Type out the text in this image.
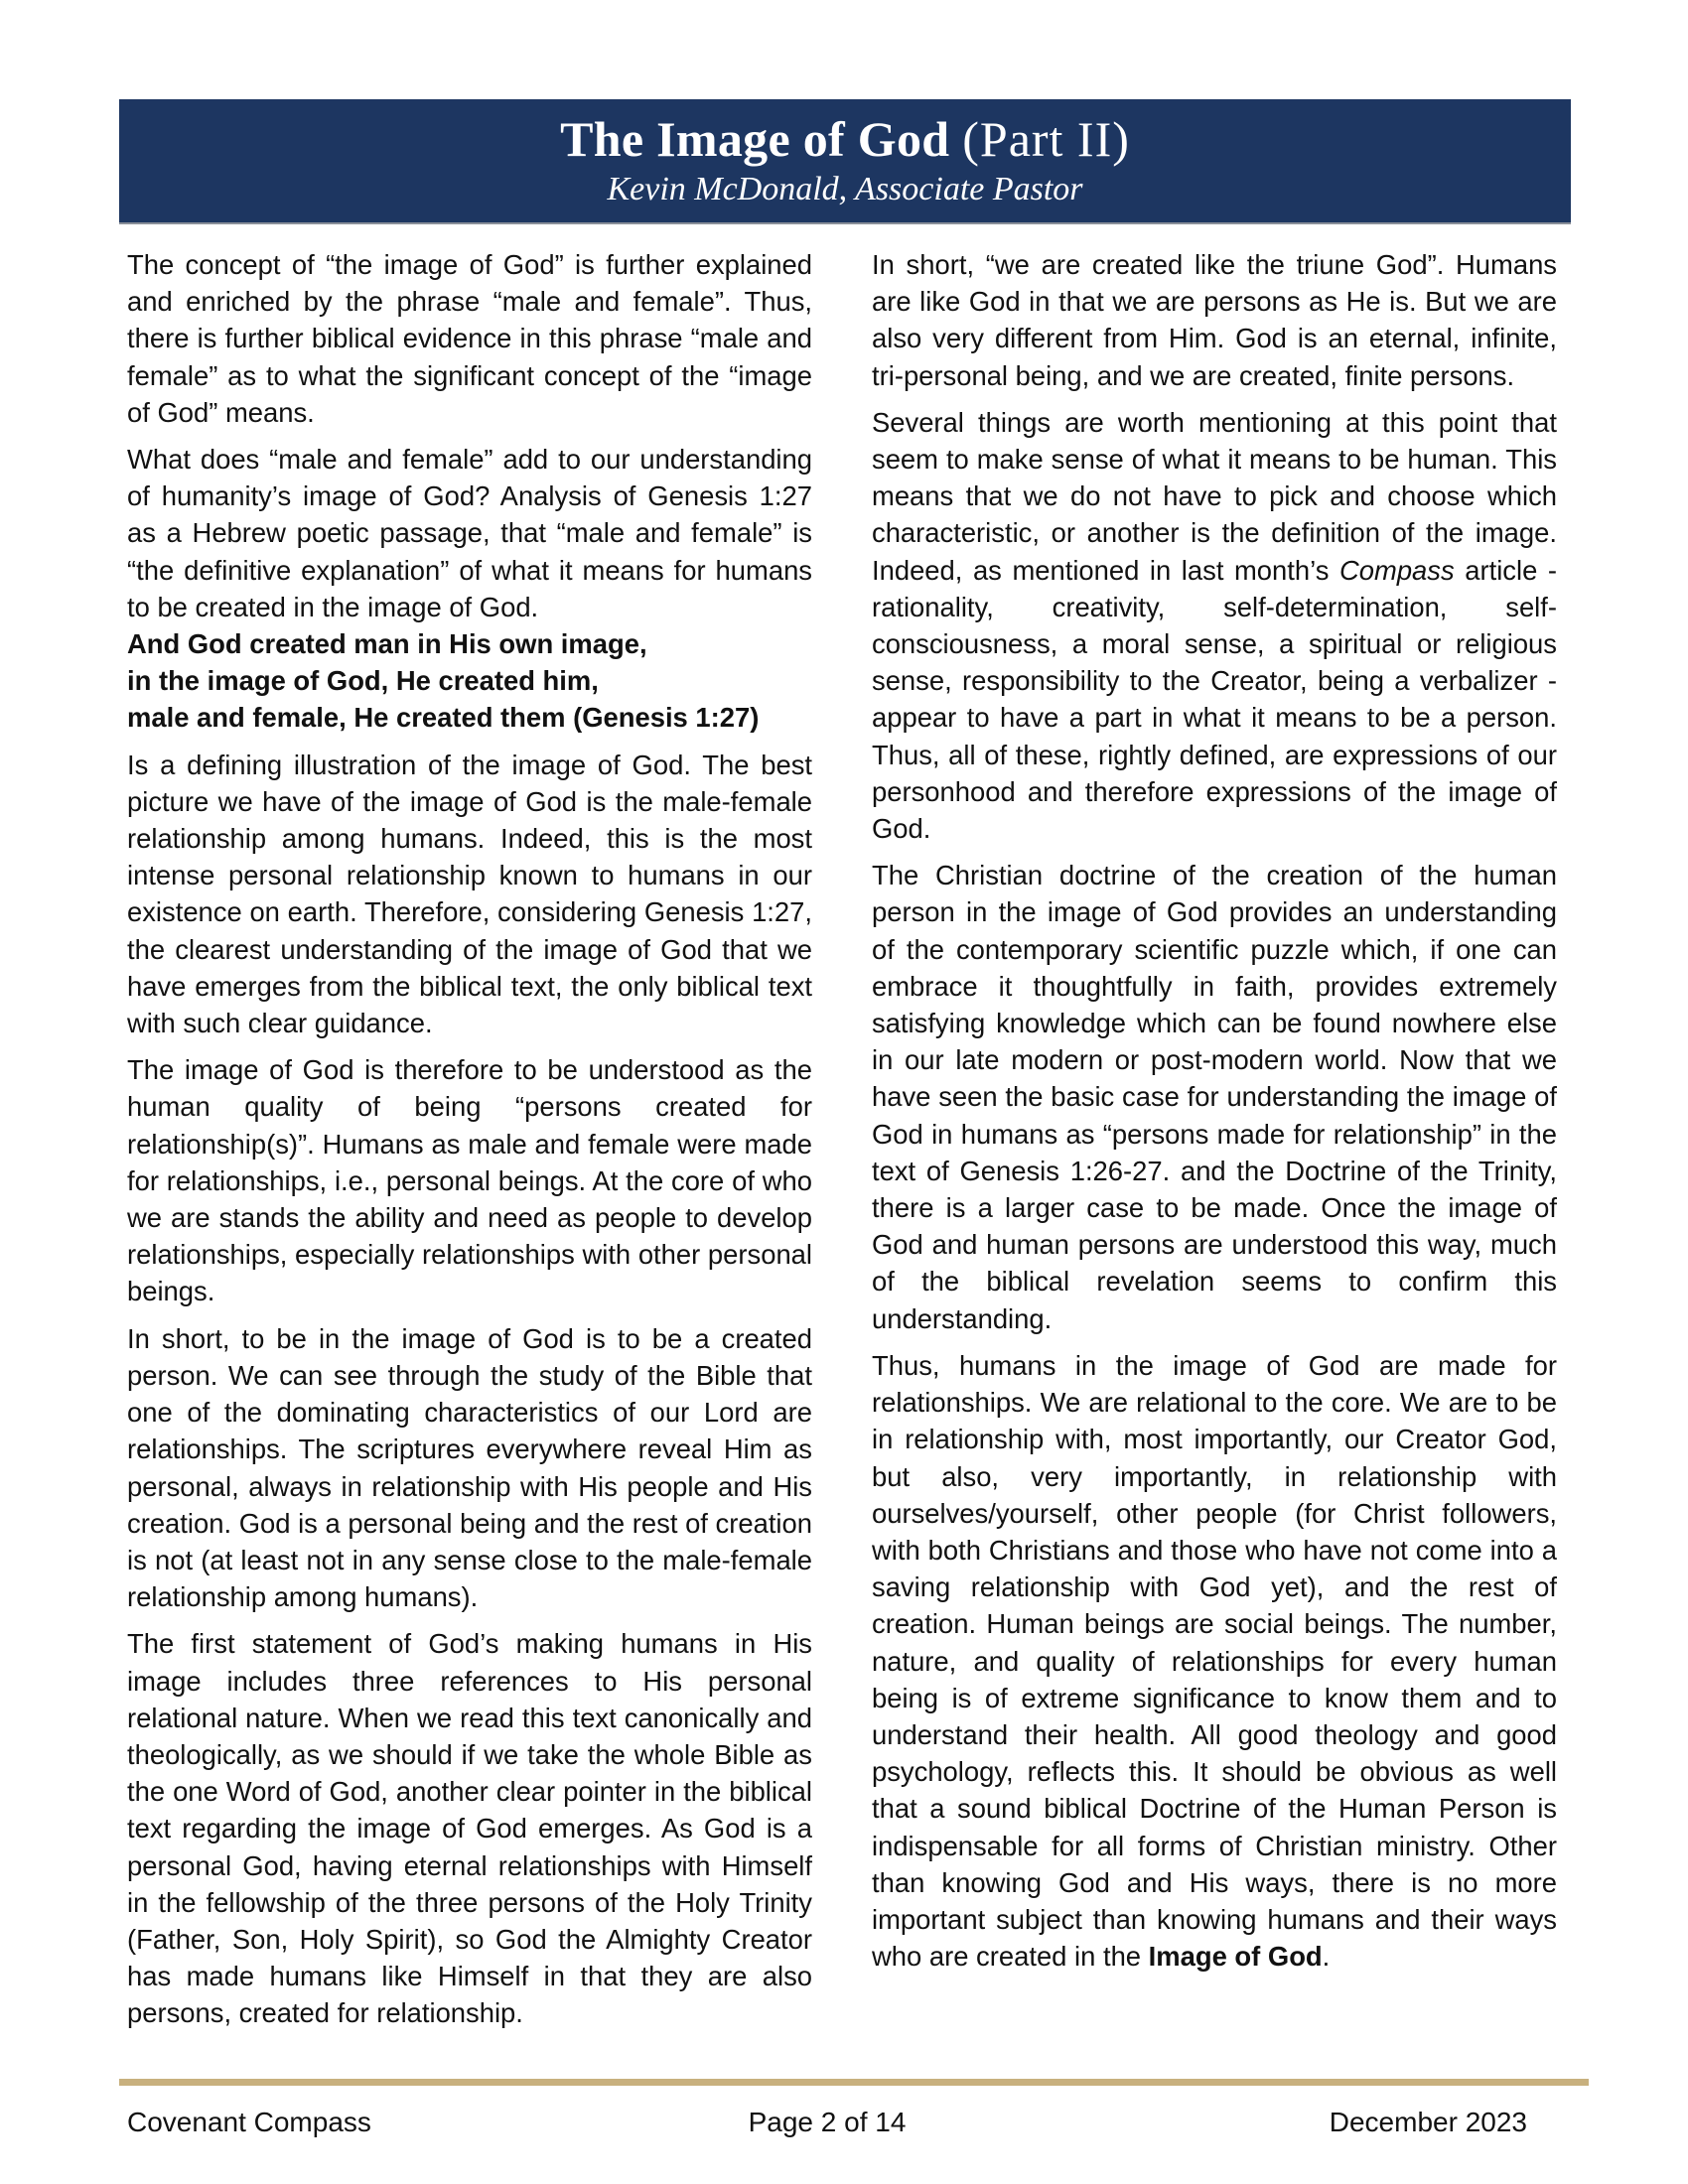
The Image of God (Part II)
Kevin McDonald, Associate Pastor

The concept of “the image of God” is further explained and enriched by the phrase “male and female”. Thus, there is further biblical evidence in this phrase “male and female” as to what the significant concept of the “image of God” means.

What does “male and female” add to our understanding of humanity’s image of God? Analysis of Genesis 1:27 as a Hebrew poetic passage, that “male and female” is “the definitive explanation” of what it means for humans to be created in the image of God.

And God created man in His own image,
in the image of God, He created him,
male and female, He created them (Genesis 1:27)

Is a defining illustration of the image of God. The best picture we have of the image of God is the male-female relationship among humans. Indeed, this is the most intense personal relationship known to humans in our existence on earth. Therefore, considering Genesis 1:27, the clearest understanding of the image of God that we have emerges from the biblical text, the only biblical text with such clear guidance.

The image of God is therefore to be understood as the human quality of being “persons created for relationship(s)”. Humans as male and female were made for relationships, i.e., personal beings. At the core of who we are stands the ability and need as people to develop relationships, especially relationships with other personal beings.

In short, to be in the image of God is to be a created person. We can see through the study of the Bible that one of the dominating characteristics of our Lord are relationships. The scriptures everywhere reveal Him as personal, always in relationship with His people and His creation. God is a personal being and the rest of creation is not (at least not in any sense close to the male-female relationship among humans).

The first statement of God’s making humans in His image includes three references to His personal relational nature. When we read this text canonically and theologically, as we should if we take the whole Bible as the one Word of God, another clear pointer in the biblical text regarding the image of God emerges. As God is a personal God, having eternal relationships with Himself in the fellowship of the three persons of the Holy Trinity (Father, Son, Holy Spirit), so God the Almighty Creator has made humans like Himself in that they are also persons, created for relationship.

In short, “we are created like the triune God”. Humans are like God in that we are persons as He is. But we are also very different from Him. God is an eternal, infinite, tri-personal being, and we are created, finite persons.

Several things are worth mentioning at this point that seem to make sense of what it means to be human. This means that we do not have to pick and choose which characteristic, or another is the definition of the image. Indeed, as mentioned in last month’s Compass article - rationality, creativity, self-determination, self-consciousness, a moral sense, a spiritual or religious sense, responsibility to the Creator, being a verbalizer - appear to have a part in what it means to be a person. Thus, all of these, rightly defined, are expressions of our personhood and therefore expressions of the image of God.

The Christian doctrine of the creation of the human person in the image of God provides an understanding of the contemporary scientific puzzle which, if one can embrace it thoughtfully in faith, provides extremely satisfying knowledge which can be found nowhere else in our late modern or post-modern world. Now that we have seen the basic case for understanding the image of God in humans as “persons made for relationship” in the text of Genesis 1:26-27. and the Doctrine of the Trinity, there is a larger case to be made. Once the image of God and human persons are understood this way, much of the biblical revelation seems to confirm this understanding.

Thus, humans in the image of God are made for relationships. We are relational to the core. We are to be in relationship with, most importantly, our Creator God, but also, very importantly, in relationship with ourselves/yourself, other people (for Christ followers, with both Christians and those who have not come into a saving relationship with God yet), and the rest of creation. Human beings are social beings. The number, nature, and quality of relationships for every human being is of extreme significance to know them and to understand their health. All good theology and good psychology, reflects this. It should be obvious as well that a sound biblical Doctrine of the Human Person is indispensable for all forms of Christian ministry. Other than knowing God and His ways, there is no more important subject than knowing humans and their ways who are created in the Image of God.

Covenant Compass	Page 2 of 14	December 2023
